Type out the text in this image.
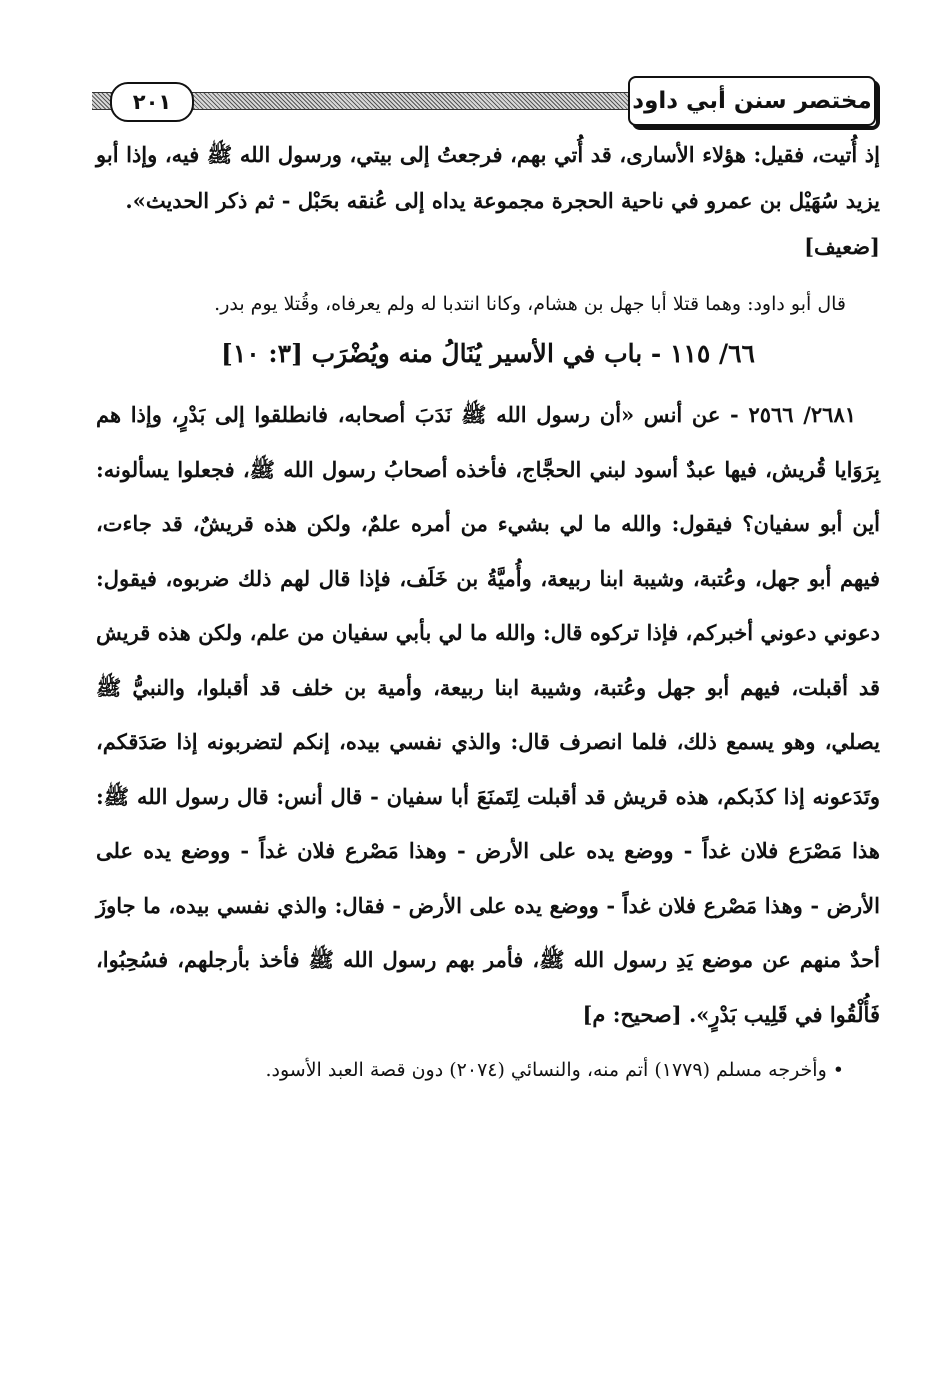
٢٠١	مختصر سنن أبي داود

إذ أُتيت، فقيل: هؤلاء الأسارى، قد أُتي بهم، فرجعتُ إلى بيتي، ورسول الله ﷺ فيه، وإذا أبو يزيد سُهَيْل بن عمرو في ناحية الحجرة مجموعة يداه إلى عُنقه بحَبْل - ثم ذكر الحديث».

[ضعيف]

قال أبو داود: وهما قتلا أبا جهل بن هشام، وكانا انتدبا له ولم يعرفاه، وقُتلا يوم بدر.

٦٦/ ١١٥ - باب في الأسير يُنَالُ منه ويُضْرَب [٣: ١٠]

٢٦٨١/ ٢٥٦٦ - عن أنس «أن رسول الله ﷺ نَدَبَ أصحابه، فانطلقوا إلى بَدْرٍ، وإذا هم بِرَوَايا قُريش، فيها عبدٌ أسود لبني الحجَّاج، فأخذه أصحابُ رسول الله ﷺ، فجعلوا يسألونه: أين أبو سفيان؟ فيقول: والله ما لي بشيء من أمره علمٌ، ولكن هذه قريشٌ، قد جاءت، فيهم أبو جهل، وعُتبة، وشيبة ابنا ربيعة، وأُميَّةُ بن خَلَف، فإذا قال لهم ذلك ضربوه، فيقول: دعوني دعوني أخبركم، فإذا تركوه قال: والله ما لي بأبي سفيان من علم، ولكن هذه قريش قد أقبلت، فيهم أبو جهل وعُتبة، وشيبة ابنا ربيعة، وأمية بن خلف قد أقبلوا، والنبيُّ ﷺ يصلي، وهو يسمع ذلك، فلما انصرف قال: والذي نفسي بيده، إنكم لتضربونه إذا صَدَقكم، وتَدَعونه إذا كذَبكم، هذه قريش قد أقبلت لِتَمنَعَ أبا سفيان - قال أنس: قال رسول الله ﷺ: هذا مَصْرَع فلان غداً - ووضع يده على الأرض - وهذا مَصْرع فلان غداً - ووضع يده على الأرض - وهذا مَصْرع فلان غداً - ووضع يده على الأرض - فقال: والذي نفسي بيده، ما جاوزَ أحدٌ منهم عن موضع يَدِ رسول الله ﷺ، فأمر بهم رسول الله ﷺ فأخذ بأرجلهم، فسُحِبُوا، فَأُلْقُوا في قَلِيب بَدْرٍ». [صحيح: م]

• وأخرجه مسلم (١٧٧٩) أتم منه، والنسائي (٢٠٧٤) دون قصة العبد الأسود.
